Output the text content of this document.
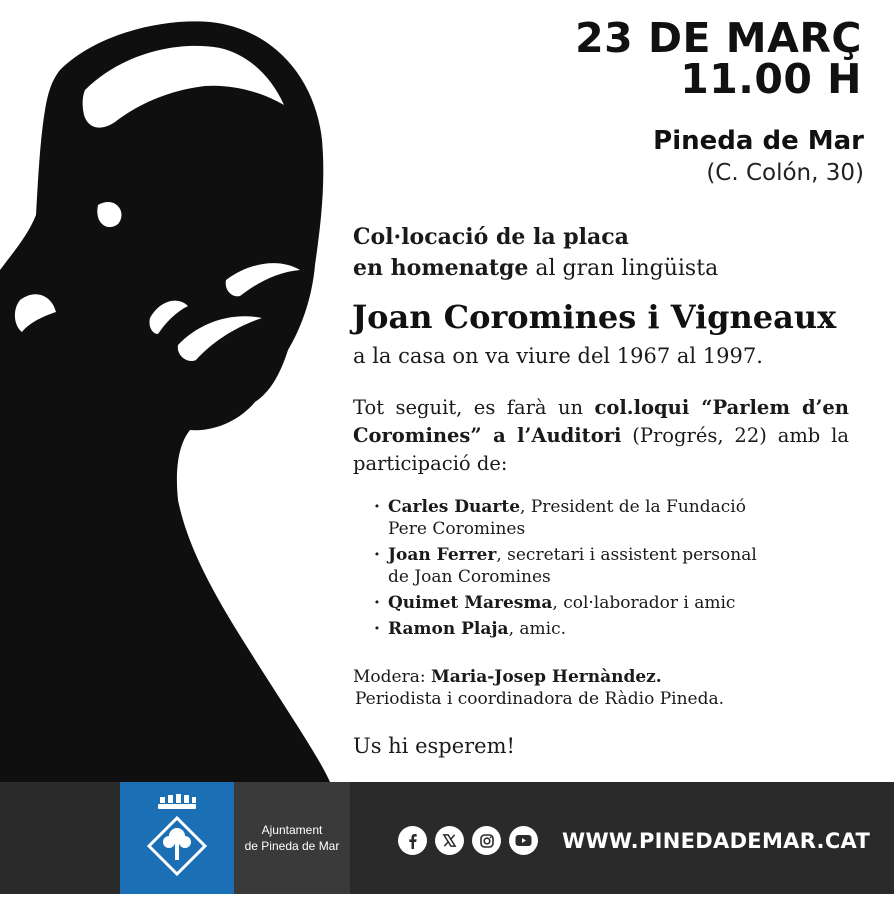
23 DE MARÇ
11.00 H
Pineda de Mar
(C. Colón, 30)
Col·locació de la placa
en homenatge al gran lingüista
Joan Coromines i Vigneaux
a la casa on va viure del 1967 al 1997.
Tot seguit, es farà un col.loqui “Parlem d’en Coromines” a l’Auditori (Progrés, 22) amb la participació de:
· Carles Duarte, President de la Fundació
Pere Coromines
· Joan Ferrer, secretari i assistent personal
de Joan Coromines
· Quimet Maresma, col·laborador i amic
· Ramon Plaja, amic.
Modera: Maria-Josep Hernàndez.
Periodista i coordinadora de Ràdio Pineda.
Us hi esperem!
Ajuntament
de Pineda de Mar	WWW.PINEDADEMAR.CAT
